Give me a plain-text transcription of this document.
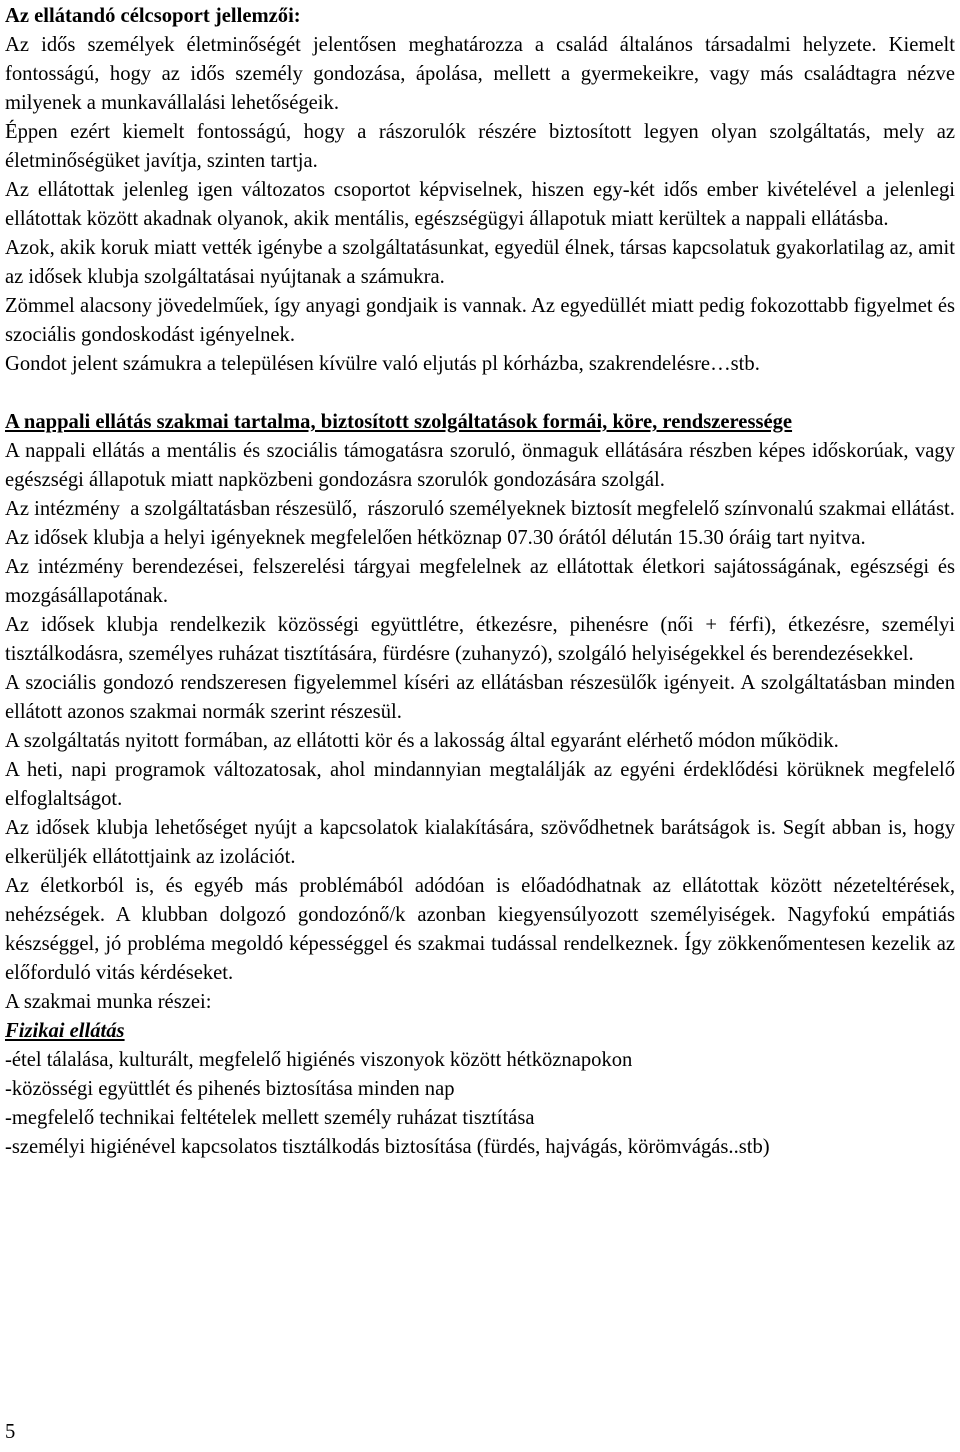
Az ellátandó célcsoport jellemzői:

Az idős személyek életminőségét jelentősen meghatározza a család általános társadalmi helyzete. Kiemelt fontosságú, hogy az idős személy gondozása, ápolása, mellett a gyermekeikre, vagy más családtagra nézve milyenek a munkavállalási lehetőségeik.

Éppen ezért kiemelt fontosságú, hogy a rászorulók részére biztosított legyen olyan szolgáltatás, mely az életminőségüket javítja, szinten tartja.

Az ellátottak jelenleg igen változatos csoportot képviselnek, hiszen egy-két idős ember kivételével a jelenlegi ellátottak között akadnak olyanok, akik mentális, egészségügyi állapotuk miatt kerültek a nappali ellátásba.

Azok, akik koruk miatt vették igénybe a szolgáltatásunkat, egyedül élnek, társas kapcsolatuk gyakorlatilag az, amit az idősek klubja szolgáltatásai nyújtanak a számukra.

Zömmel alacsony jövedelműek, így anyagi gondjaik is vannak. Az egyedüllét miatt pedig fokozottabb figyelmet és szociális gondoskodást igényelnek.

Gondot jelent számukra a településen kívülre való eljutás pl kórházba, szakrendelésre…stb.

A nappali ellátás szakmai tartalma, biztosított szolgáltatások formái, köre, rendszeressége

A nappali ellátás a mentális és szociális támogatásra szoruló, önmaguk ellátására részben képes időskorúak, vagy egészségi állapotuk miatt napközbeni gondozásra szorulók gondozására szolgál.

Az intézmény  a szolgáltatásban részesülő,  rászoruló személyeknek biztosít megfelelő színvonalú szakmai ellátást.

Az idősek klubja a helyi igényeknek megfelelően hétköznap 07.30 órától délután 15.30 óráig tart nyitva.

Az intézmény berendezései, felszerelési tárgyai megfelelnek az ellátottak életkori sajátosságának, egészségi és mozgásállapotának.

Az idősek klubja rendelkezik közösségi együttlétre, étkezésre, pihenésre (női + férfi), étkezésre, személyi tisztálkodásra, személyes ruházat tisztítására, fürdésre (zuhanyzó), szolgáló helyiségekkel és berendezésekkel.

A szociális gondozó rendszeresen figyelemmel kíséri az ellátásban részesülők igényeit. A szolgáltatásban minden ellátott azonos szakmai normák szerint részesül.

A szolgáltatás nyitott formában, az ellátotti kör és a lakosság által egyaránt elérhető módon működik.

A heti, napi programok változatosak, ahol mindannyian megtalálják az egyéni érdeklődési körüknek megfelelő elfoglaltságot.

Az idősek klubja lehetőséget nyújt a kapcsolatok kialakítására, szövődhetnek barátságok is. Segít abban is, hogy elkerüljék ellátottjaink az izolációt.

Az életkorból is, és egyéb más problémából adódóan is előadódhatnak az ellátottak között nézeteltérések, nehézségek. A klubban dolgozó gondozónő/k azonban kiegyensúlyozott személyiségek. Nagyfokú empátiás készséggel, jó probléma megoldó képességgel és szakmai tudással rendelkeznek. Így zökkenőmentesen kezelik az előforduló vitás kérdéseket.

A szakmai munka részei:

Fizikai ellátás

-étel tálalása, kulturált, megfelelő higiénés viszonyok között hétköznapokon

-közösségi együttlét és pihenés biztosítása minden nap

-megfelelő technikai feltételek mellett személy ruházat tisztítása

-személyi higiénével kapcsolatos tisztálkodás biztosítása (fürdés, hajvágás, körömvágás..stb)

5
